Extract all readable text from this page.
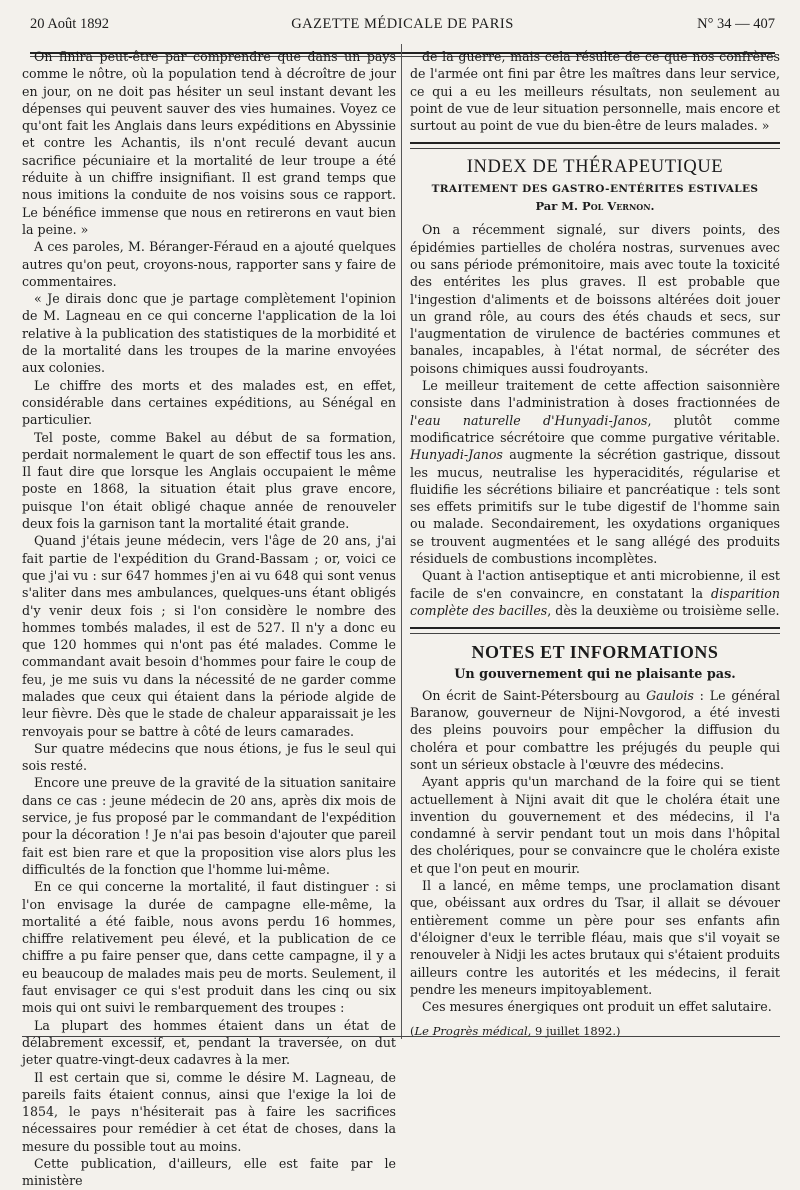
20 Août 1892	GAZETTE MÉDICALE DE PARIS	N° 34 — 407

On finira peut-être par comprendre que dans un pays comme le nôtre, où la population tend à décroître de jour en jour, on ne doit pas hésiter un seul instant devant les dépenses qui peuvent sauver des vies humaines. Voyez ce qu'ont fait les Anglais dans leurs expéditions en Abyssinie et contre les Achantis, ils n'ont reculé devant aucun sacrifice pécuniaire et la mortalité de leur troupe a été réduite à un chiffre insignifiant. Il est grand temps que nous imitions la conduite de nos voisins sous ce rapport. Le bénéfice immense que nous en retirerons en vaut bien la peine. »

A ces paroles, M. Béranger-Féraud en a ajouté quelques autres qu'on peut, croyons-nous, rapporter sans y faire de commentaires.

« Je dirais donc que je partage complètement l'opinion de M. Lagneau en ce qui concerne l'application de la loi relative à la publication des statistiques de la morbidité et de la mortalité dans les troupes de la marine envoyées aux colonies.

Le chiffre des morts et des malades est, en effet, considérable dans certaines expéditions, au Sénégal en particulier.

Tel poste, comme Bakel au début de sa formation, perdait normalement le quart de son effectif tous les ans. Il faut dire que lorsque les Anglais occupaient le même poste en 1868, la situation était plus grave encore, puisque l'on était obligé chaque année de renouveler deux fois la garnison tant la mortalité était grande.

Quand j'étais jeune médecin, vers l'âge de 20 ans, j'ai fait partie de l'expédition du Grand-Bassam ; or, voici ce que j'ai vu : sur 647 hommes j'en ai vu 648 qui sont venus s'aliter dans mes ambulances, quelques-uns étant obligés d'y venir deux fois ; si l'on considère le nombre des hommes tombés malades, il est de 527. Il n'y a donc eu que 120 hommes qui n'ont pas été malades. Comme le commandant avait besoin d'hommes pour faire le coup de feu, je me suis vu dans la nécessité de ne garder comme malades que ceux qui étaient dans la période algide de leur fièvre. Dès que le stade de chaleur apparaissait je les renvoyais pour se battre à côté de leurs camarades.

Sur quatre médecins que nous étions, je fus le seul qui sois resté.

Encore une preuve de la gravité de la situation sanitaire dans ce cas : jeune médecin de 20 ans, après dix mois de service, je fus proposé par le commandant de l'expédition pour la décoration ! Je n'ai pas besoin d'ajouter que pareil fait est bien rare et que la proposition vise alors plus les difficultés de la fonction que l'homme lui-même.

En ce qui concerne la mortalité, il faut distinguer : si l'on envisage la durée de campagne elle-même, la mortalité a été faible, nous avons perdu 16 hommes, chiffre relativement peu élevé, et la publication de ce chiffre a pu faire penser que, dans cette campagne, il y a eu beaucoup de malades mais peu de morts. Seulement, il faut envisager ce qui s'est produit dans les cinq ou six mois qui ont suivi le rembarquement des troupes :

La plupart des hommes étaient dans un état de délabrement excessif, et, pendant la traversée, on dut jeter quatre-vingt-deux cadavres à la mer.

Il est certain que si, comme le désire M. Lagneau, de pareils faits étaient connus, ainsi que l'exige la loi de 1854, le pays n'hésiterait pas à faire les sacrifices nécessaires pour remédier à cet état de choses, dans la mesure du possible tout au moins.

Cette publication, d'ailleurs, elle est faite par le ministère

de la guerre, mais cela résulte de ce que nos confrères de l'armée ont fini par être les maîtres dans leur service, ce qui a eu les meilleurs résultats, non seulement au point de vue de leur situation personnelle, mais encore et surtout au point de vue du bien-être de leurs malades. »

INDEX DE THÉRAPEUTIQUE
TRAITEMENT DES GASTRO-ENTÉRITES ESTIVALES
Par M. Pol Vernon.

On a récemment signalé, sur divers points, des épidémies partielles de choléra nostras, survenues avec ou sans période prémonitoire, mais avec toute la toxicité des entérites les plus graves. Il est probable que l'ingestion d'aliments et de boissons altérées doit jouer un grand rôle, au cours des étés chauds et secs, sur l'augmentation de virulence de bactéries communes et banales, incapables, à l'état normal, de sécréter des poisons chimiques aussi foudroyants.

Le meilleur traitement de cette affection saisonnière consiste dans l'administration à doses fractionnées de l'eau naturelle d'Hunyadi-Janos, plutôt comme modificatrice sécrétoire que comme purgative véritable. Hunyadi-Janos augmente la sécrétion gastrique, dissout les mucus, neutralise les hyperacidités, régularise et fluidifie les sécrétions biliaire et pancréatique : tels sont ses effets primitifs sur le tube digestif de l'homme sain ou malade. Secondairement, les oxydations organiques se trouvent augmentées et le sang allégé des produits résiduels de combustions incomplètes.

Quant à l'action antiseptique et anti microbienne, il est facile de s'en convaincre, en constatant la disparition complète des bacilles, dès la deuxième ou troisième selle.

NOTES ET INFORMATIONS
Un gouvernement qui ne plaisante pas.

On écrit de Saint-Pétersbourg au Gaulois : Le général Baranow, gouverneur de Nijni-Novgorod, a été investi des pleins pouvoirs pour empêcher la diffusion du choléra et pour combattre les préjugés du peuple qui sont un sérieux obstacle à l'œuvre des médecins.

Ayant appris qu'un marchand de la foire qui se tient actuellement à Nijni avait dit que le choléra était une invention du gouvernement et des médecins, il l'a condamné à servir pendant tout un mois dans l'hôpital des cholériques, pour se convaincre que le choléra existe et que l'on peut en mourir.

Il a lancé, en même temps, une proclamation disant que, obéissant aux ordres du Tsar, il allait se dévouer entièrement comme un père pour ses enfants afin d'éloigner d'eux le terrible fléau, mais que s'il voyait se renouveler à Nidji les actes brutaux qui s'étaient produits ailleurs contre les autorités et les médecins, il ferait pendre les meneurs impitoyablement.

Ces mesures énergiques ont produit un effet salutaire.

(Le Progrès médical, 9 juillet 1892.)
